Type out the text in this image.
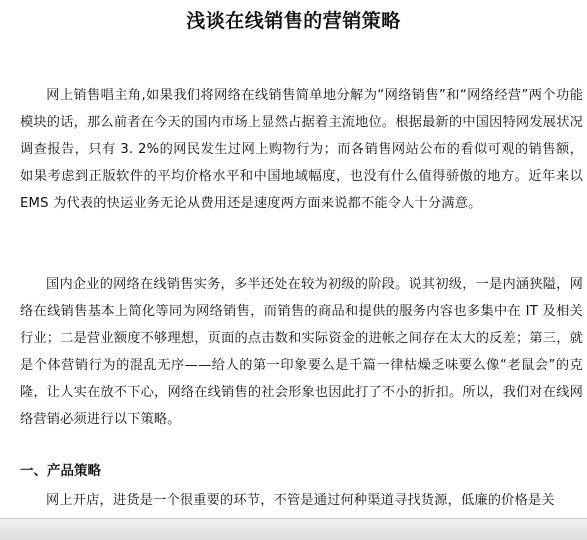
浅谈在线销售的营销策略
网上销售唱主角,如果我们将网络在线销售简单地分解为“网络销售”和“网络经营”两个功能模块的话，那么前者在今天的国内市场上显然占据着主流地位。根据最新的中国因特网发展状况调查报告，只有 3. 2%的网民发生过网上购物行为；而各销售网站公布的看似可观的销售额，如果考虑到正版软件的平均价格水平和中国地域幅度，也没有什么值得骄傲的地方。近年来以 EMS 为代表的快运业务无论从费用还是速度两方面来说都不能令人十分满意。
国内企业的网络在线销售实务，多半还处在较为初级的阶段。说其初级，一是内涵狭隘，网络在线销售基本上简化等同为网络销售，而销售的商品和提供的服务内容也多集中在 IT 及相关行业；二是营业额度不够理想，页面的点击数和实际资金的进帐之间存在太大的反差；第三，就是个体营销行为的混乱无序——给人的第一印象要么是千篇一律枯燥乏味要么像“老鼠会”的克隆，让人实在放不下心，网络在线销售的社会形象也因此打了不小的折扣。所以，我们对在线网络营销必须进行以下策略。
一、产品策略
网上开店，进货是一个很重要的环节，不管是通过何种渠道寻找货源，低廉的价格是关
